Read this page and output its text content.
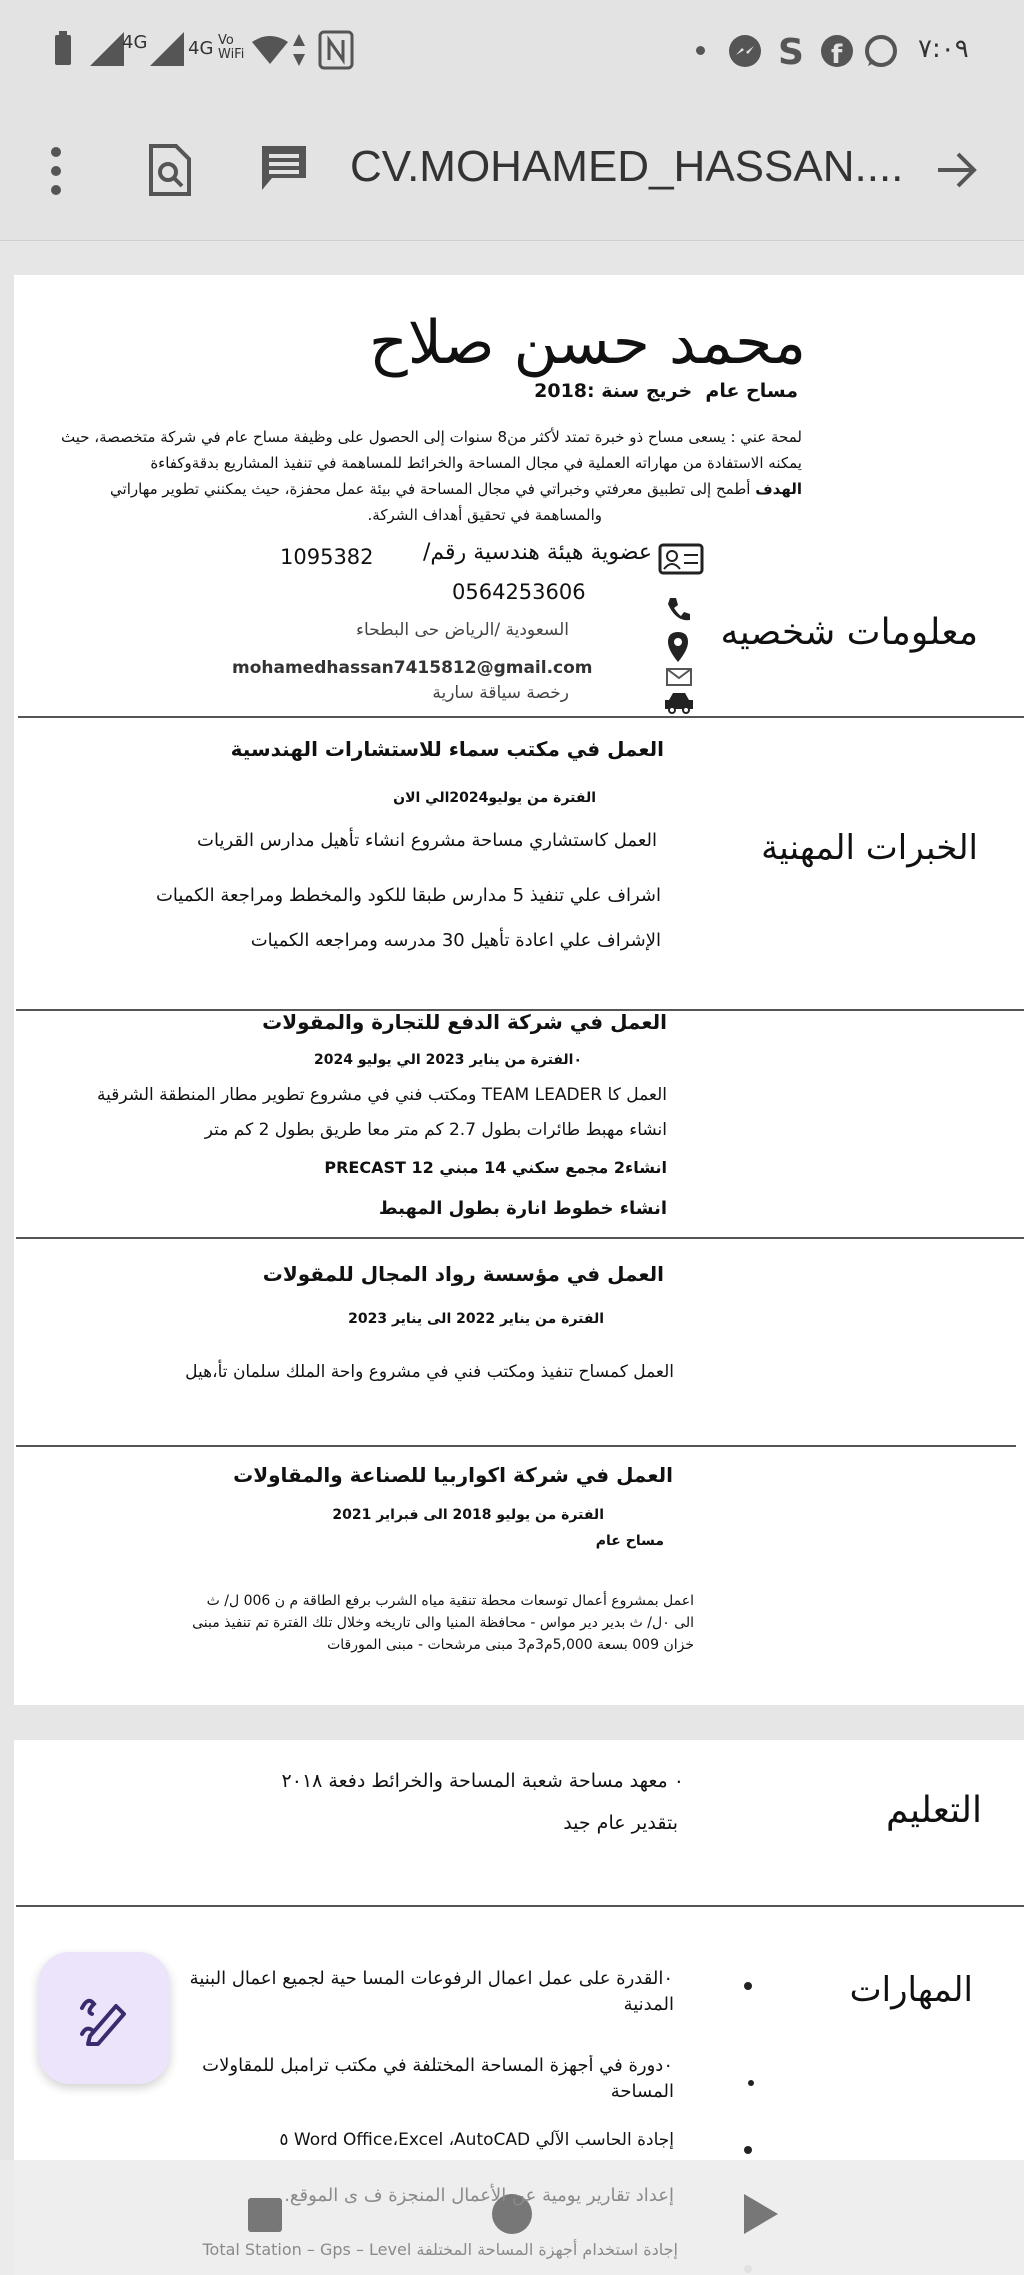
4G 4G Vo WiFi	S f	٧:٠٩
CV.MOHAMED_HASSAN....
محمد حسن صلاح
مساح عام  خريج سنة :2018
لمحة عني : يسعى مساح ذو خبرة تمتد لأكثر من8 سنوات إلى الحصول على وظيفة مساح عام في شركة متخصصة، حيث
يمكنه الاستفادة من مهاراته العملية في مجال المساحة والخرائط للمساهمة في تنفيذ المشاريع بدقةوكفاءة
الهدف أطمح إلى تطبيق معرفتي وخبراتي في مجال المساحة في بيئة عمل محفزة، حيث يمكنني تطوير مهاراتي
والمساهمة في تحقيق أهداف الشركة.
عضوية هيئة هندسية رقم/
1095382
0564253606
السعودية /الرياض حى البطحاء	معلومات شخصيه
mohamedhassan7415812@gmail.com
رخصة سياقة سارية
العمل في مكتب سماء للاستشارات الهندسية
الفترة من يوليو2024الي الان
العمل كاستشاري مساحة مشروع انشاء تأهيل مدارس القريات
اشراف علي تنفيذ 5 مدارس طبقا للكود والمخطط ومراجعة الكميات
الإشراف علي اعادة تأهيل 30 مدرسه ومراجعه الكميات
الخبرات المهنية
العمل في شركة الدفع للتجارة والمقولات
٠الفترة من يناير 2023 الي يوليو 2024
العمل كا TEAM LEADER ومكتب فني في مشروع تطوير مطار المنطقة الشرقية
انشاء مهبط طائرات بطول 2.7 كم متر معا طريق بطول 2 كم متر
انشاء2 مجمع سكني 14 مبني 12 PRECAST
انشاء خطوط انارة بطول المهبط
العمل في مؤسسة رواد المجال للمقولات
الفترة من يناير 2022 الى يناير 2023
العمل كمساح تنفيذ ومكتب فني في مشروع واحة الملك سلمان تأ،هيل
العمل في شركة اكواربيا للصناعة والمقاولات
الفترة من يوليو 2018 الى فبراير 2021
مساح عام
اعمل بمشروع أعمال توسعات محطة تنقية مياه الشرب برفع الطاقة م ن 006 ل/ ث
الى ٠ل/ ث بدير دير مواس - محافظة المنيا والى تاريخه وخلال تلك الفترة تم تنفيذ مبنى
خزان 009 بسعة 5,000م3م3 مبنى مرشحات - مبنى المورقات
٠ معهد مساحة شعبة المساحة والخرائط دفعة ٢٠١٨
بتقدير عام جيد	التعليم
المهارات
٠القدرة على عمل اعمال الرفوعات المسا حية لجميع اعمال البنية
المدنية
٠دورة في أجهزة المساحة المختلفة في مكتب ترامبل للمقاولات
المساحة
إجادة الحاسب الآلي Word Office،Excel ،AutoCAD ٥
إعداد تقارير يومية عن الأعمال المنجزة ف ى الموقع.
إجادة استخدام أجهزة المساحة المختلفة Total Station – Gps – Level
